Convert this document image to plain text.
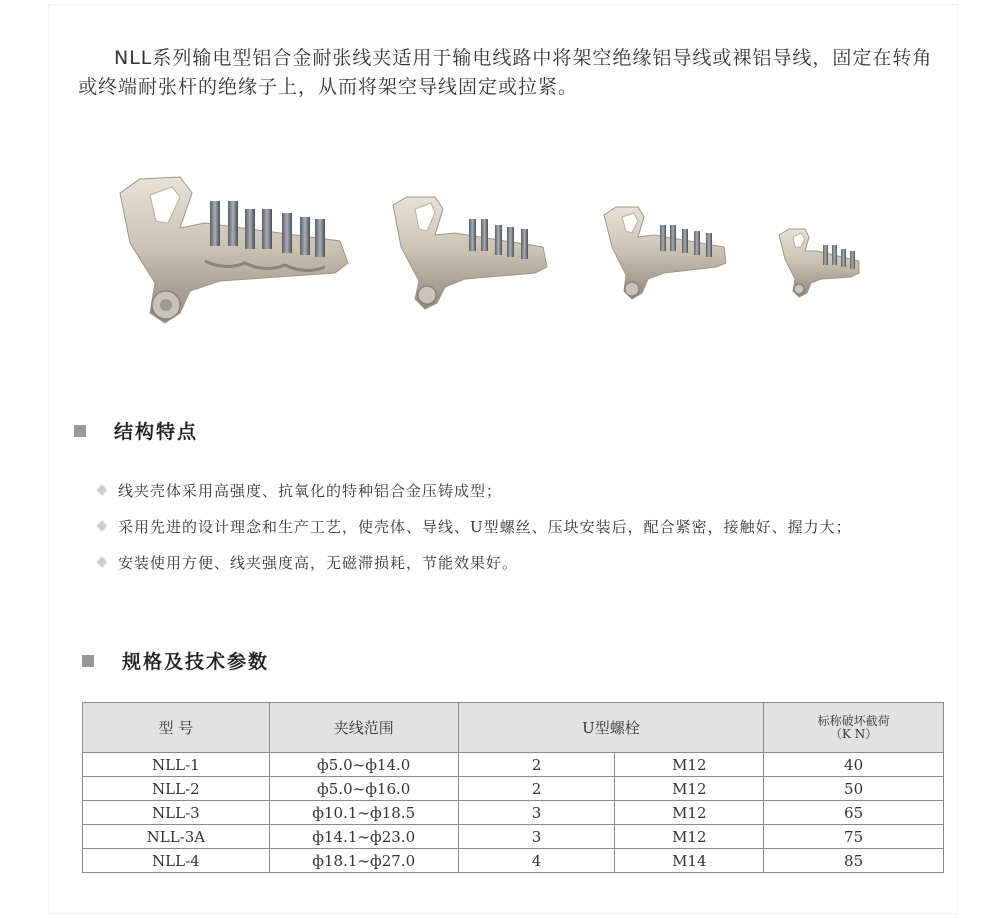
NLL系列输电型铝合金耐张线夹适用于输电线路中将架空绝缘铝导线或裸铝导线，固定在转角或终端耐张杆的绝缘子上，从而将架空导线固定或拉紧。

结构特点
线夹壳体采用高强度、抗氧化的特种铝合金压铸成型；
采用先进的设计理念和生产工艺，使壳体、导线、U型螺丝、压块安装后，配合紧密，接触好、握力大；
安装使用方便、线夹强度高，无磁滞损耗，节能效果好。
规格及技术参数
型 号	夹线范围	U型螺栓		标称破坏截荷
（K N）

NLL-1	ф5.0~ф14.0	2	M12	40
NLL-2	ф5.0~ф16.0	2	M12	50
NLL-3	ф10.1~ф18.5	3	M12	65
NLL-3A	ф14.1~ф23.0	3	M12	75
NLL-4	ф18.1~ф27.0	4	M14	85
